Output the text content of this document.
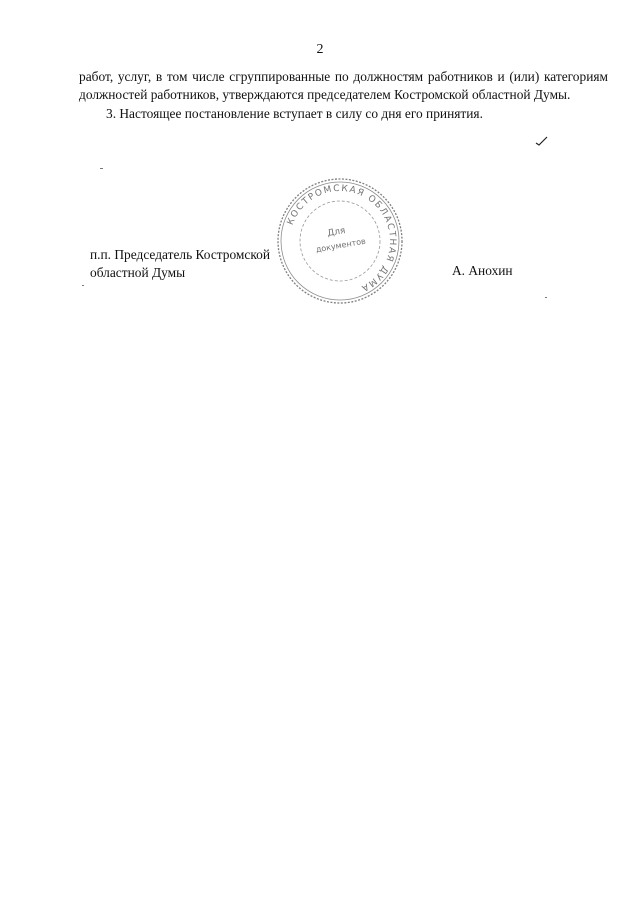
2

работ, услуг, в том числе сгруппированные по должностям работников и (или) категориям должностей работников, утверждаются председателем Костромской областной Думы.

3. Настоящее постановление вступает в силу со дня его принятия.

КОСТРОМСКАЯ ОБЛАСТНАЯ ДУМА
Для
документов
п.п. Председатель Костромской
областной Думы	А. Анохин
